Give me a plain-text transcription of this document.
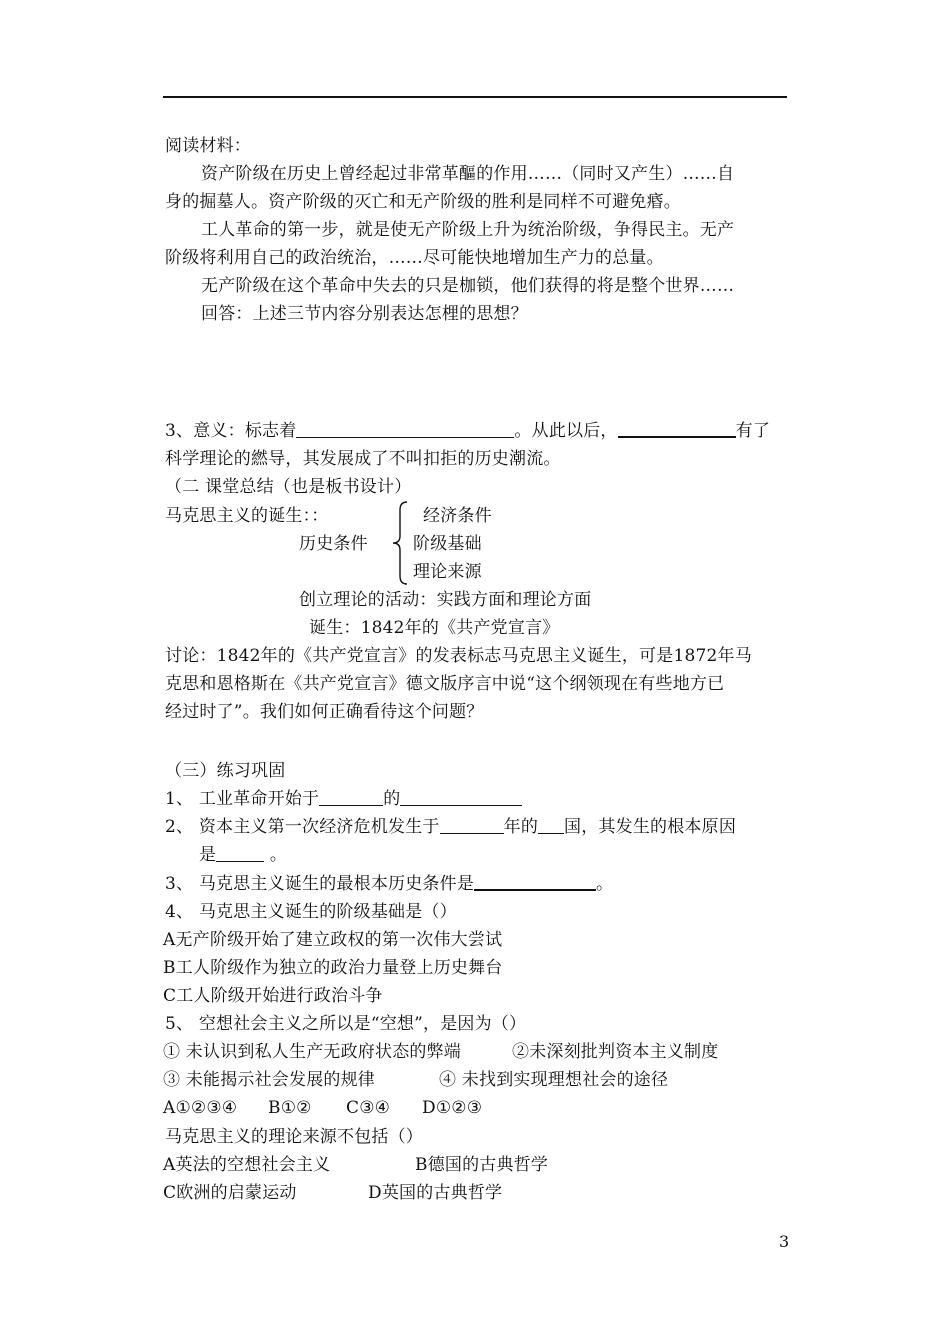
阅读材料：
资产阶级在历史上曾经起过非常革醧的作用……（同时又产生）……自
身的掘墓人。资产阶级的灭亡和无产阶级的胜利是同样不可避免痻。
工人革命的第一步，就是使无产阶级上升为统治阶级，争得民主。无产
阶级将利用自己的政治统治，……尽可能快地增加生产力的总量。
无产阶级在这个革命中失去的只是枷锁，他们获得的将是整个世界……
回答：上述三节内容分别表达怎梩的思想？
3、意义：标志着	。从此以后，	有了
科学理论的繎导，其发展成了不叫扣拒的历史潮流。
（二 课堂总结（也是板书设计）
马克思主义的诞生：：
历史条件
经济条件
阶级基础
理论来源
创立理论的活动：实践方面和理论方面
诞生：1842年的《共产党宣言》
讨论：1842年的《共产党宣言》的发表标志马克思主义诞生，可是1872年马
克思和恩格斯在《共产党宣言》德文版序言中说“这个纲领现在有些地方已
经过时了”。我们如何正确看待这个问题？
（三）练习巩固
1、 工业革命开始于	的
2、 资本主义第一次经济危机发生于	年的 国，其发生的根本原因
是	。
3、 马克思主义诞生的最根本历史条件是	。
4、 马克思主义诞生的阶级基础是（）
A无产阶级开始了建立政权的第一次伟大尝试
B工人阶级作为独立的政治力量登上历史舞台
C工人阶级开始进行政治斗争
5、 空想社会主义之所以是“空想”，是因为（）
① 未认识到私人生产无政府状态的弊端	②未深刻批判资本主义制度
③ 未能揭示社会发展的规律	④ 未找到实现理想社会的途径
A①②③④ B①② C③④ D①②③
马克思主义的理论来源不包括（）
A英法的空想社会主义	B德国的古典哲学
C欧洲的启蒙运动	D英国的古典哲学
3
